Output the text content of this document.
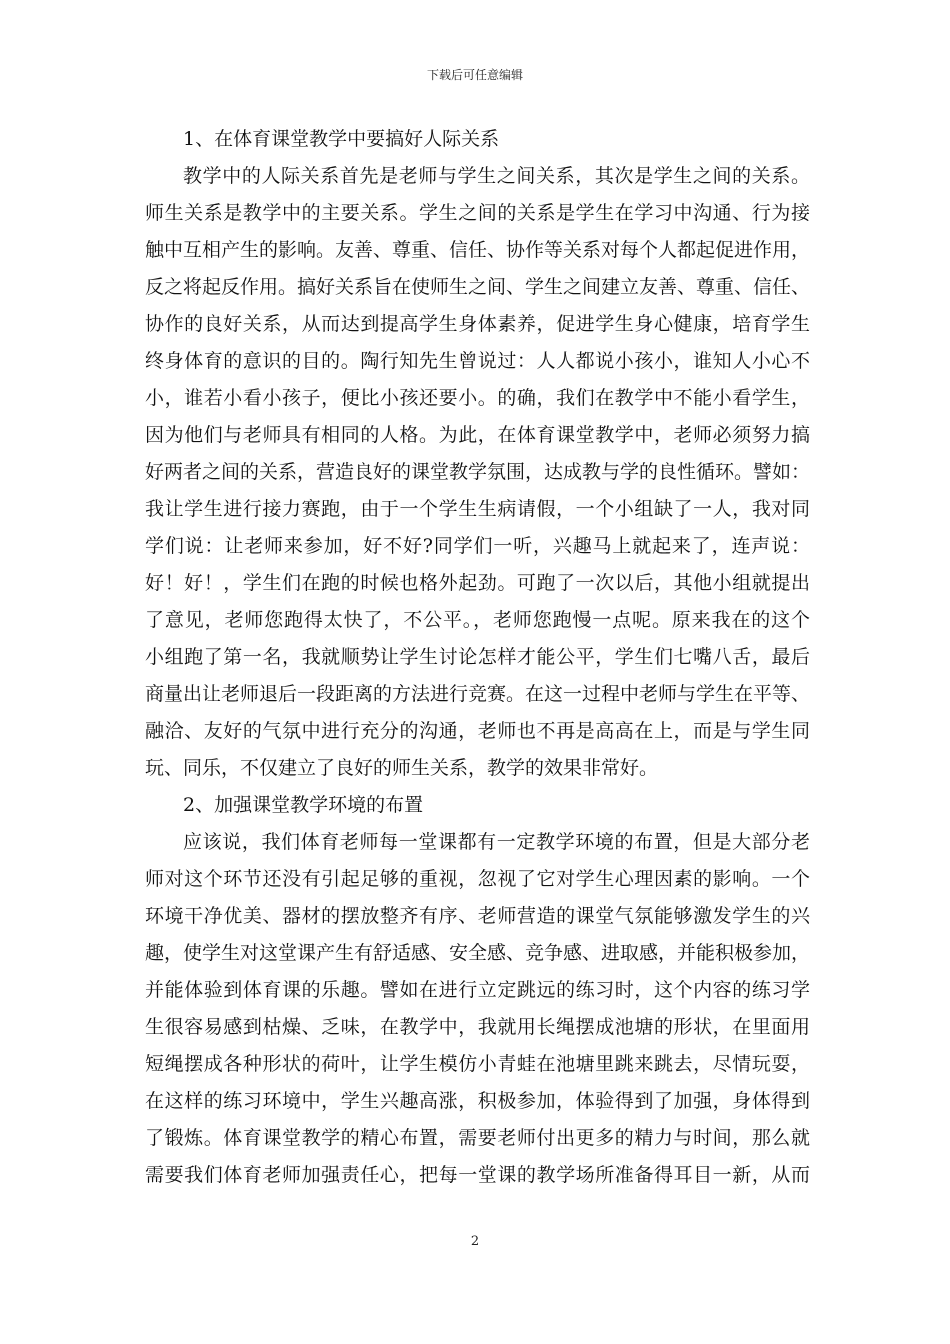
下载后可任意编辑
1、在体育课堂教学中要搞好人际关系
教学中的人际关系首先是老师与学生之间关系，其次是学生之间的关系。
师生关系是教学中的主要关系。学生之间的关系是学生在学习中沟通、行为接
触中互相产生的影响。友善、尊重、信任、协作等关系对每个人都起促进作用，
反之将起反作用。搞好关系旨在使师生之间、学生之间建立友善、尊重、信任、
协作的良好关系，从而达到提高学生身体素养，促进学生身心健康，培育学生
终身体育的意识的目的。陶行知先生曾说过：人人都说小孩小，谁知人小心不
小，谁若小看小孩子，便比小孩还要小。的确，我们在教学中不能小看学生，
因为他们与老师具有相同的人格。为此，在体育课堂教学中，老师必须努力搞
好两者之间的关系，营造良好的课堂教学氛围，达成教与学的良性循环。譬如：
我让学生进行接力赛跑，由于一个学生生病请假，一个小组缺了一人，我对同
学们说：让老师来参加，好不好?同学们一听，兴趣马上就起来了，连声说：
好！好！，学生们在跑的时候也格外起劲。可跑了一次以后，其他小组就提出
了意见，老师您跑得太快了，不公平。，老师您跑慢一点呢。原来我在的这个
小组跑了第一名，我就顺势让学生讨论怎样才能公平，学生们七嘴八舌，最后
商量出让老师退后一段距离的方法进行竞赛。在这一过程中老师与学生在平等、
融洽、友好的气氛中进行充分的沟通，老师也不再是高高在上，而是与学生同
玩、同乐，不仅建立了良好的师生关系，教学的效果非常好。
2、加强课堂教学环境的布置
应该说，我们体育老师每一堂课都有一定教学环境的布置，但是大部分老
师对这个环节还没有引起足够的重视，忽视了它对学生心理因素的影响。一个
环境干净优美、器材的摆放整齐有序、老师营造的课堂气氛能够激发学生的兴
趣，使学生对这堂课产生有舒适感、安全感、竞争感、进取感，并能积极参加，
并能体验到体育课的乐趣。譬如在进行立定跳远的练习时，这个内容的练习学
生很容易感到枯燥、乏味，在教学中，我就用长绳摆成池塘的形状，在里面用
短绳摆成各种形状的荷叶，让学生模仿小青蛙在池塘里跳来跳去，尽情玩耍，
在这样的练习环境中，学生兴趣高涨，积极参加，体验得到了加强，身体得到
了锻炼。体育课堂教学的精心布置，需要老师付出更多的精力与时间，那么就
需要我们体育老师加强责任心，把每一堂课的教学场所准备得耳目一新，从而
2
